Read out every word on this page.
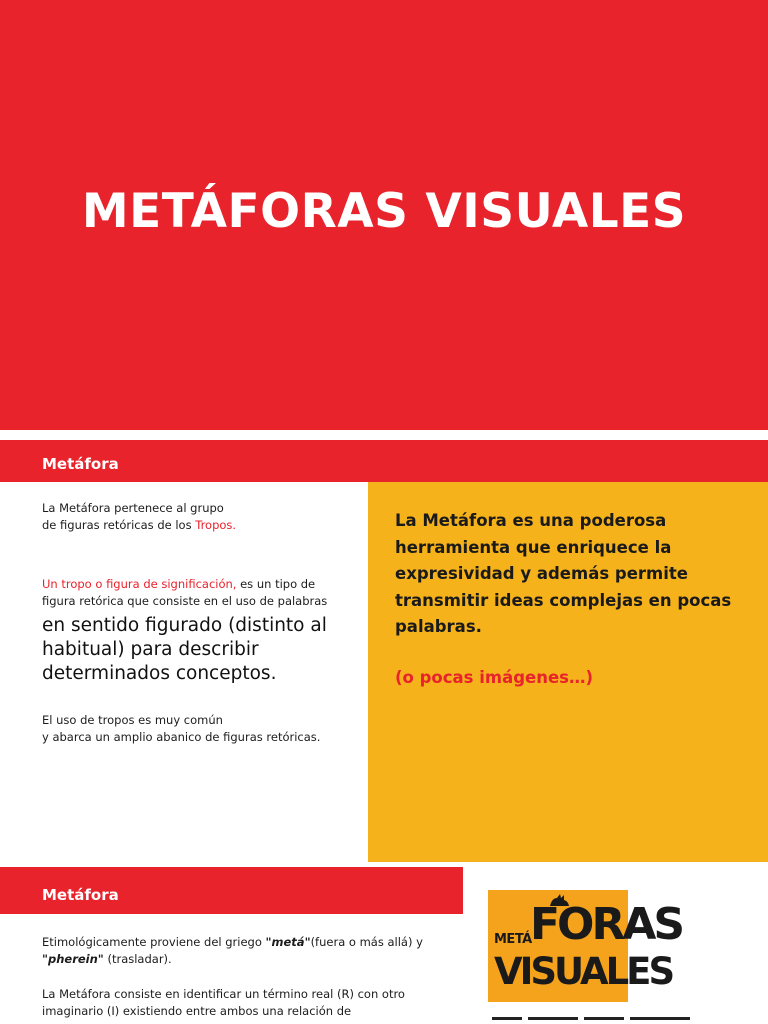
METÁFORAS VISUALES
Metáfora
La Metáfora pertenece al grupo
de figuras retóricas de los Tropos.
Un tropo o figura de significación, es un tipo de
figura retórica que consiste en el uso de palabras
en sentido figurado (distinto al habitual) para describir determinados conceptos.
El uso de tropos es muy común
y abarca un amplio abanico de figuras retóricas.
La Metáfora es una poderosa herramienta que enriquece la expresividad y además permite transmitir ideas complejas en pocas palabras.
(o pocas imágenes…)
Metáfora
Etimológicamente proviene del griego "metá"(fuera o más allá) y "pherein" (trasladar).
La Metáfora consiste en identificar un término real (R) con otro imaginario (I) existiendo entre ambos una relación de
METÁ
FORAS
VISUALES
